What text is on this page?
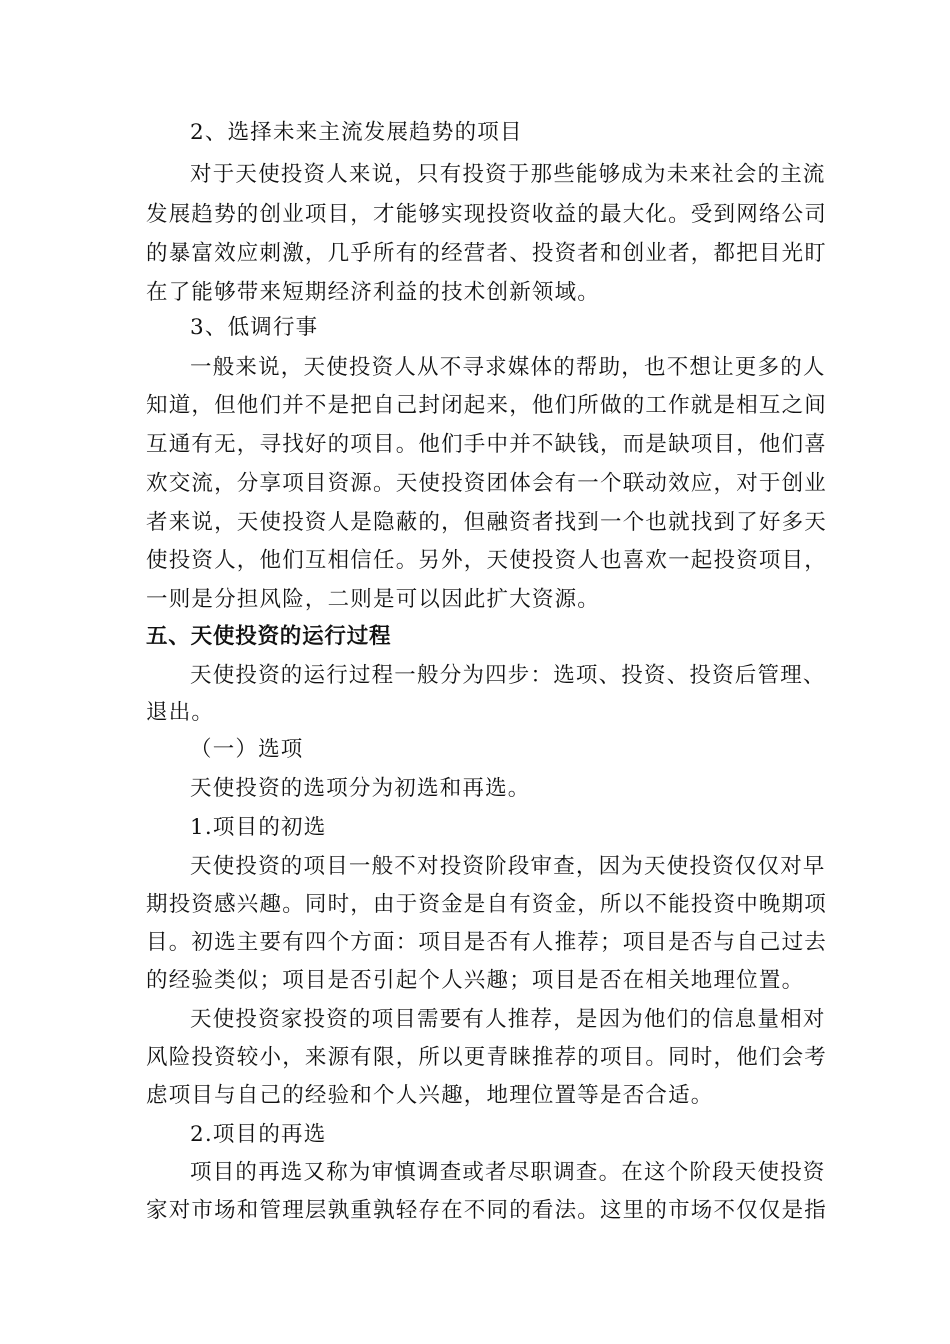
2、选择未来主流发展趋势的项目

对于天使投资人来说，只有投资于那些能够成为未来社会的主流

发展趋势的创业项目，才能够实现投资收益的最大化。受到网络公司

的暴富效应刺激，几乎所有的经营者、投资者和创业者，都把目光盯

在了能够带来短期经济利益的技术创新领域。

3、低调行事

一般来说，天使投资人从不寻求媒体的帮助，也不想让更多的人

知道，但他们并不是把自己封闭起来，他们所做的工作就是相互之间

互通有无，寻找好的项目。他们手中并不缺钱，而是缺项目，他们喜

欢交流，分享项目资源。天使投资团体会有一个联动效应，对于创业

者来说，天使投资人是隐蔽的，但融资者找到一个也就找到了好多天

使投资人，他们互相信任。另外，天使投资人也喜欢一起投资项目，

一则是分担风险，二则是可以因此扩大资源。

五、天使投资的运行过程

天使投资的运行过程一般分为四步：选项、投资、投资后管理、

退出。

（一）选项

天使投资的选项分为初选和再选。

1.项目的初选

天使投资的项目一般不对投资阶段审查，因为天使投资仅仅对早

期投资感兴趣。同时，由于资金是自有资金，所以不能投资中晚期项

目。初选主要有四个方面：项目是否有人推荐；项目是否与自己过去

的经验类似；项目是否引起个人兴趣；项目是否在相关地理位置。

天使投资家投资的项目需要有人推荐，是因为他们的信息量相对

风险投资较小，来源有限，所以更青睐推荐的项目。同时，他们会考

虑项目与自己的经验和个人兴趣，地理位置等是否合适。

2.项目的再选

项目的再选又称为审慎调查或者尽职调查。在这个阶段天使投资

家对市场和管理层孰重孰轻存在不同的看法。这里的市场不仅仅是指
